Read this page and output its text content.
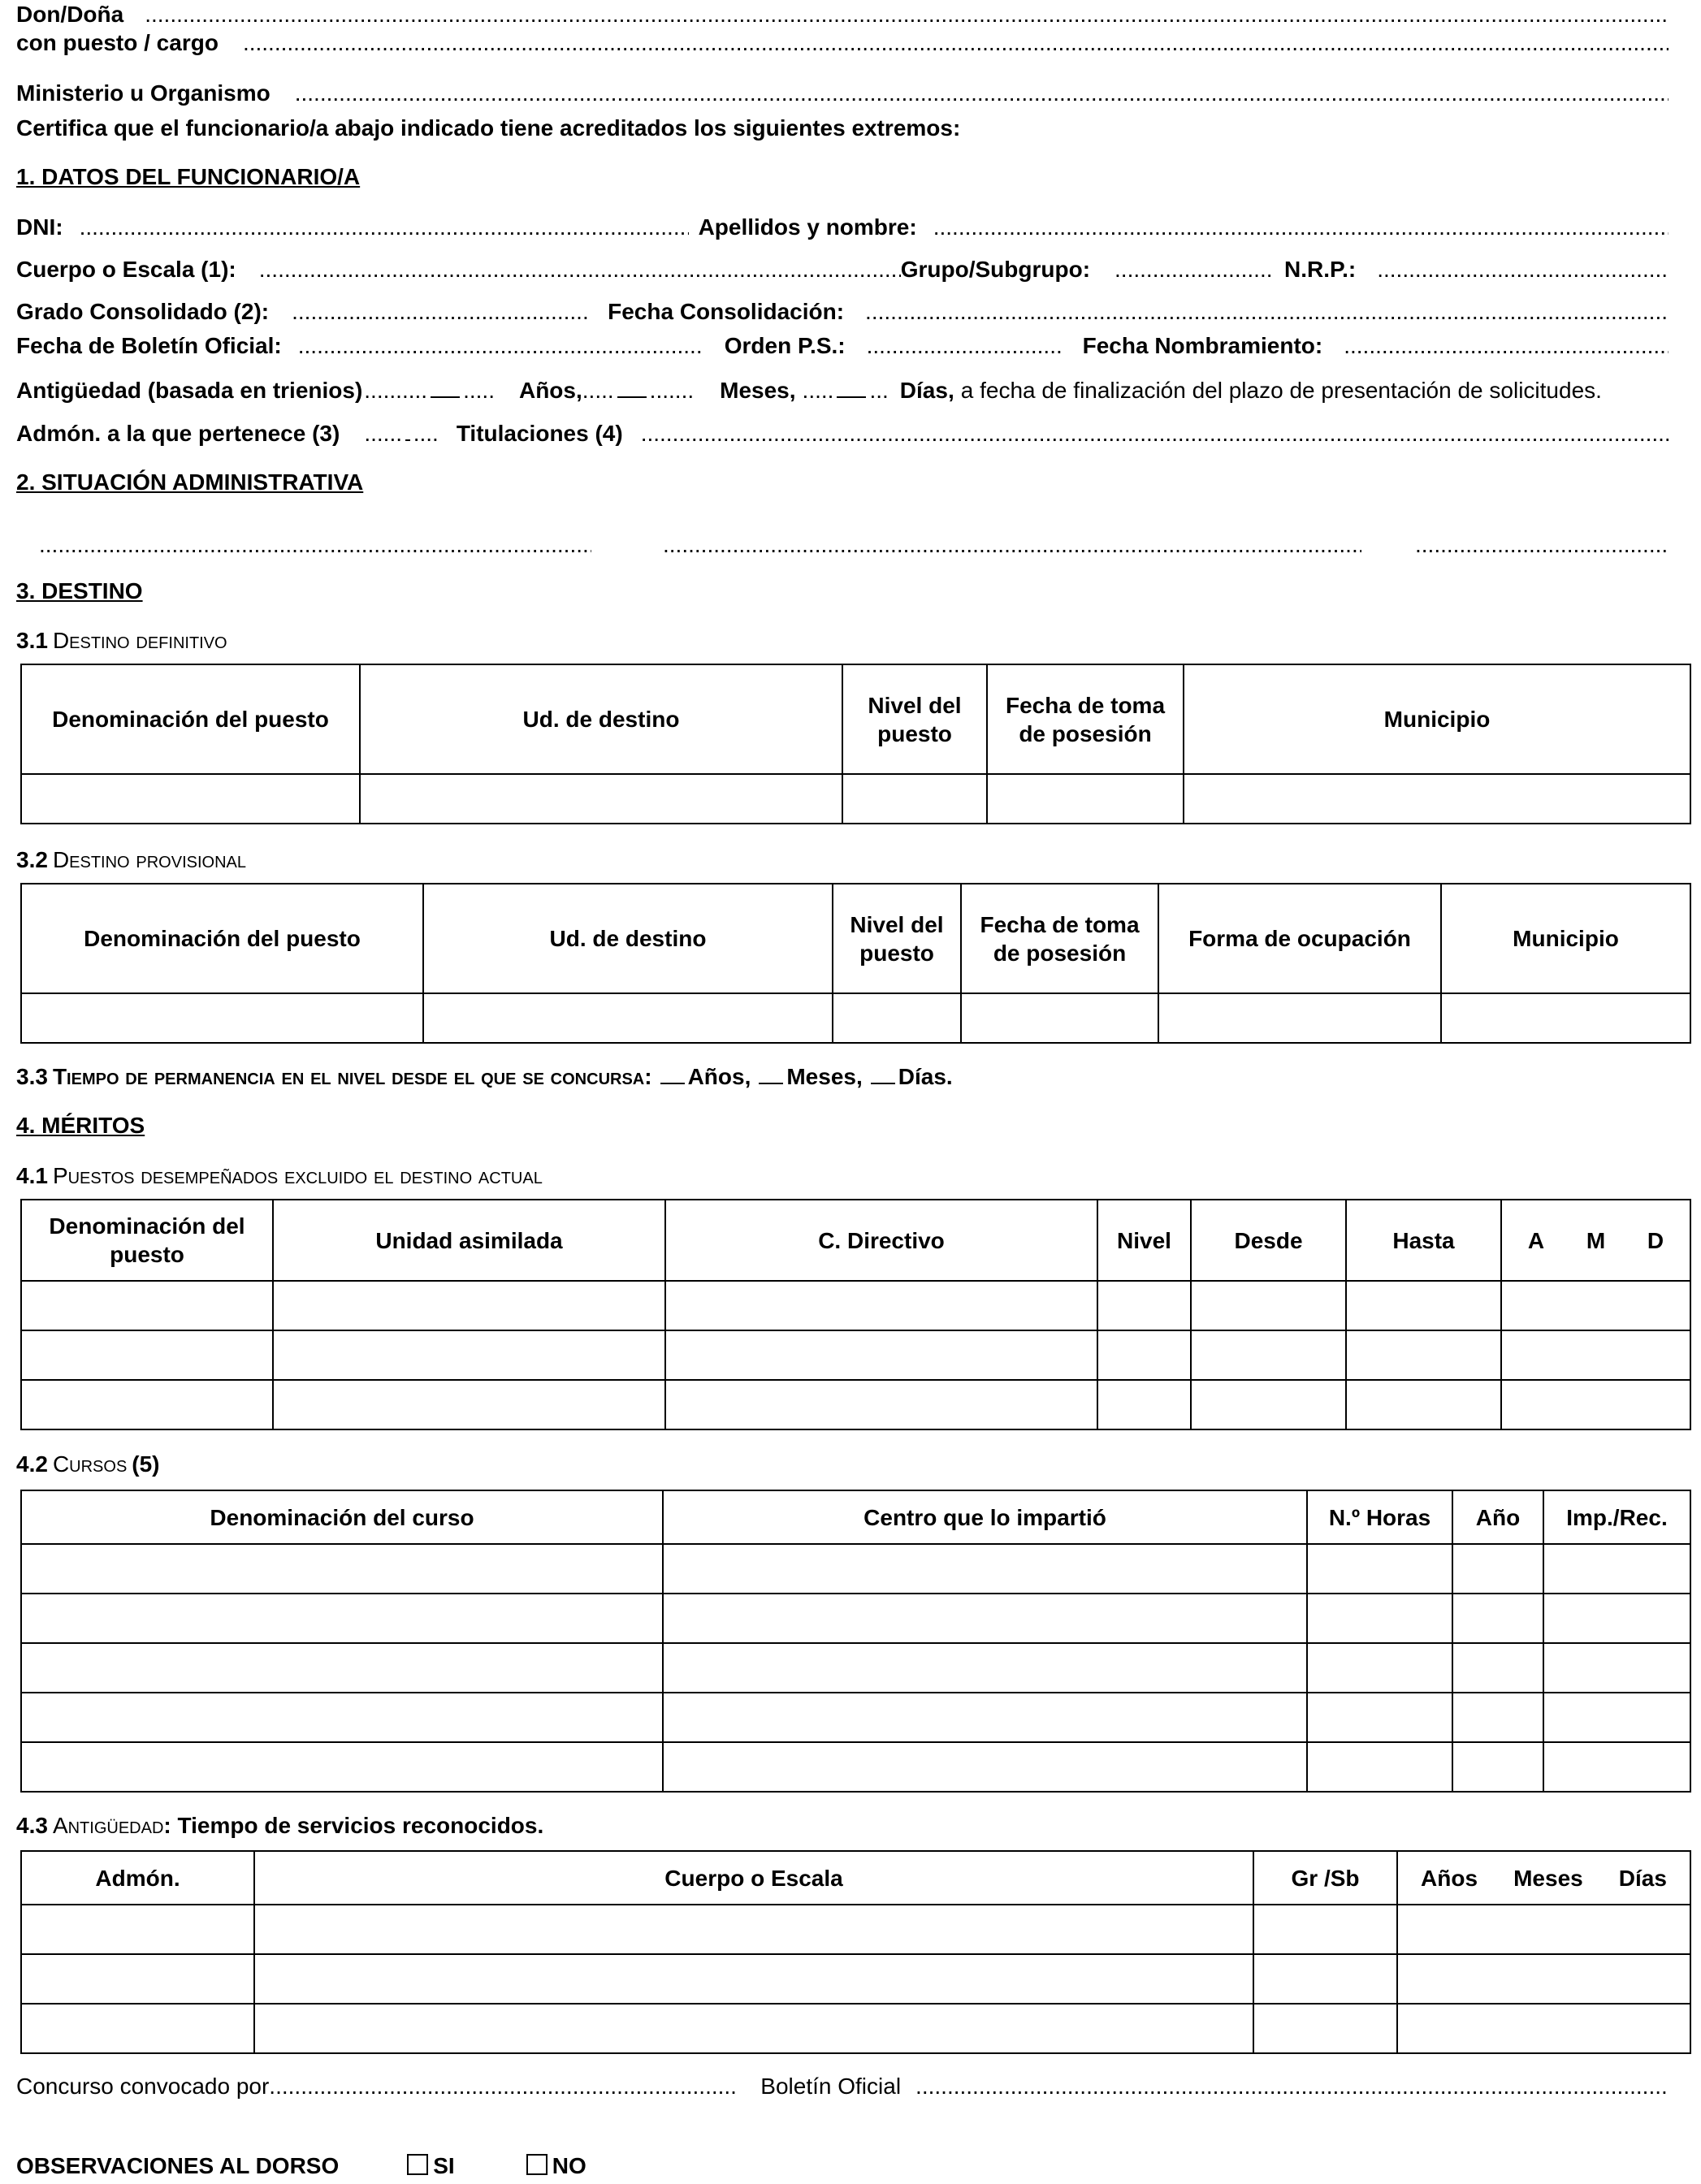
Don/Doña
.....
con puesto / cargo
.....
Ministerio u Organismo
.....
Certifica que el funcionario/a abajo indicado tiene acreditados los siguientes extremos:
1. DATOS DEL FUNCIONARIO/A
DNI: .....	Apellidos y nombre:
.....
Cuerpo o Escala (1): .....	Grupo/Subgrupo: .....	N.R.P.:
.....
Grado Consolidado (2): .....	Fecha Consolidación:
.....
Fecha de Boletín Oficial: .....	Orden P.S.: .....	Fecha Nombramiento:
.....
Antigüedad (basada en trienios) .......... ..... Años, ..... ....... Meses, ..... ... Días, a fecha de finalización del plazo de presentación de solicitudes.
Admón. a la que pertenece (3) ...... .... Titulaciones (4)
.....
2. SITUACIÓN ADMINISTRATIVA
.....
.....
.....
3. DESTINO
3.1 Destino definitivo
Denominación del puesto	Ud. de destino	Nivel del puesto	Fecha de toma de posesión	Municipio

3.2 Destino provisional
Denominación del puesto	Ud. de destino	Nivel del puesto	Fecha de toma de posesión	Forma de ocupación	Municipio

3.3 Tiempo de permanencia en el nivel desde el que se concursa: Años, Meses, Días.
4. MÉRITOS
4.1 Puestos desempeñados excluido el destino actual
Denominación del puesto	Unidad asimilada	C. Directivo	Nivel	Desde	Hasta	A M D

4.2 Cursos (5)
Denominación del curso	Centro que lo impartió	N.º Horas	Año	Imp./Rec.

4.3 Antigüedad : Tiempo de servicios reconocidos.
Admón.	Cuerpo o Escala	Gr /Sb	Años Meses Días

Concurso convocado por .....	Boletín Oficial
.....
OBSERVACIONES AL DORSO	SI	NO
